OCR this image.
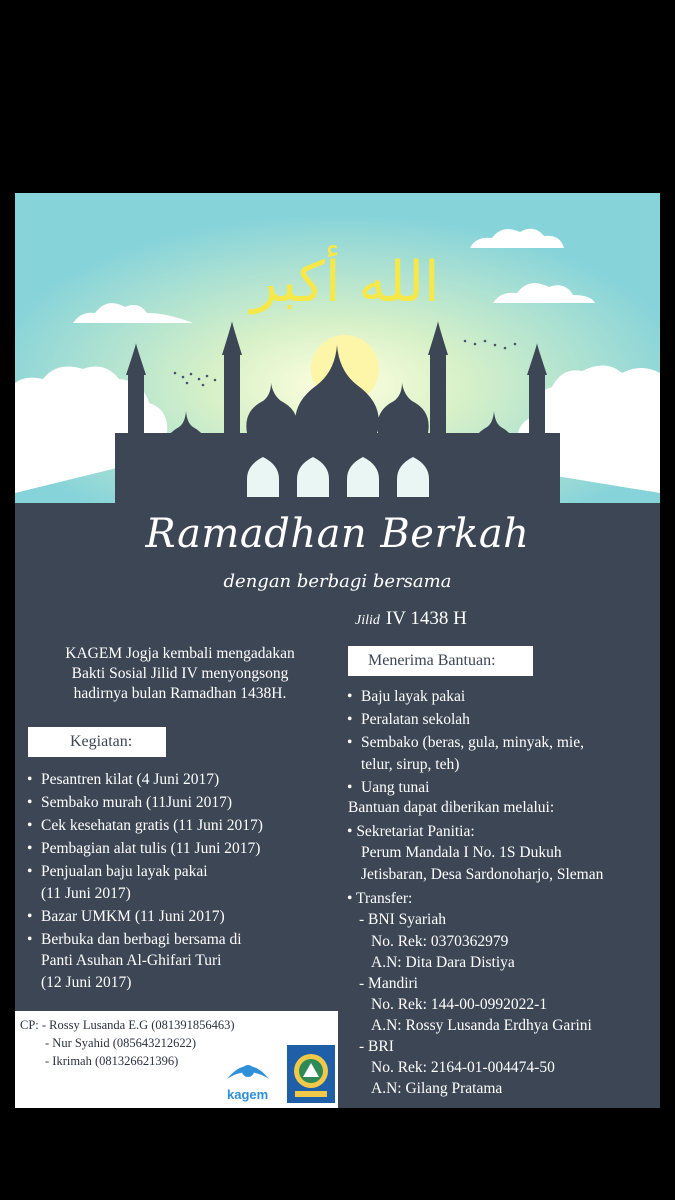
الله أكبر
Ramadhan Berkah
dengan berbagi bersama
Jilid IV 1438 H
KAGEM Jogja kembali mengadakan
Bakti Sosial Jilid IV menyongsong
hadirnya bulan Ramadhan 1438H.
Kegiatan:
• Pesantren kilat (4 Juni 2017)
• Sembako murah (11Juni 2017)
• Cek kesehatan gratis (11 Juni 2017)
• Pembagian alat tulis (11 Juni 2017)
• Penjualan baju layak pakai
(11 Juni 2017)
• Bazar UMKM (11 Juni 2017)
• Berbuka dan berbagi bersama di
Panti Asuhan Al-Ghifari Turi
(12 Juni 2017)
Menerima Bantuan:
• Baju layak pakai
• Peralatan sekolah
• Sembako (beras, gula, minyak, mie,
telur, sirup, teh)
• Uang tunai
Bantuan dapat diberikan melalui:
• Sekretariat Panitia:
Perum Mandala I No. 1S Dukuh
Jetisbaran, Desa Sardonoharjo, Sleman
• Transfer:
- BNI Syariah
No. Rek: 0370362979
A.N: Dita Dara Distiya
- Mandiri
No. Rek: 144-00-0992022-1
A.N: Rossy Lusanda Erdhya Garini
- BRI
No. Rek: 2164-01-004474-50
A.N: Gilang Pratama
CP: - Rossy Lusanda E.G (081391856463)
- Nur Syahid (085643212622)
- Ikrimah (081326621396)
kagem
